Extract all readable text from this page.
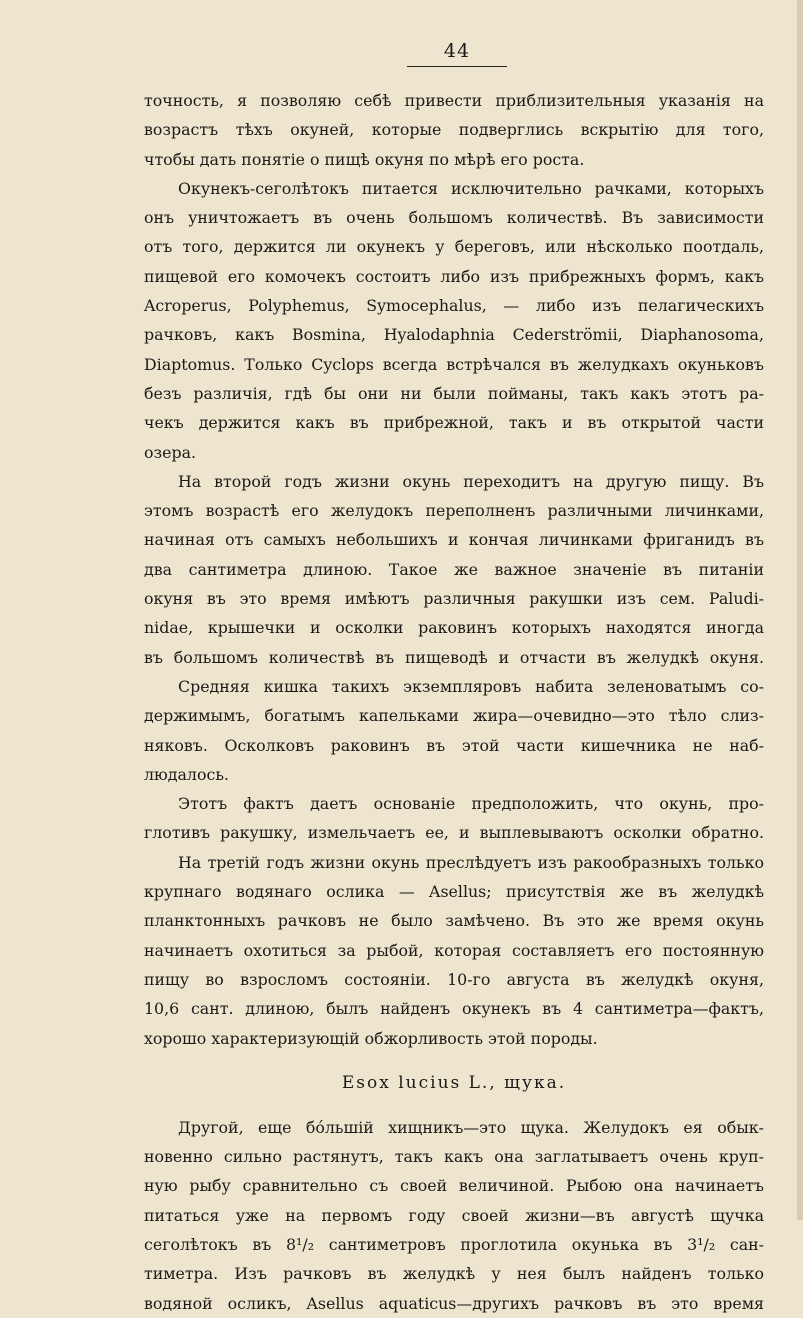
44
точность, я позволяю себѣ привести приблизительныя указанія на
возрастъ тѣхъ окуней, которые подверглись вскрытію для того,
чтобы дать понятіе о пищѣ окуня по мѣрѣ его роста.
Окунекъ-сеголѣтокъ питается исключительно рачками, которыхъ
онъ уничтожаетъ въ очень большомъ количествѣ. Въ зависимости
отъ того, держится ли окунекъ у береговъ, или нѣсколько поотдаль,
пищевой его комочекъ состоитъ либо изъ прибрежныхъ формъ, какъ
Acroperus, Polyphemus, Symocephalus, — либо изъ пелагическихъ
рачковъ, какъ Bosmina, Hyalodaphnia Cederströmii, Diaphanosoma,
Diaptomus. Только Cyclops всегда встрѣчался въ желудкахъ окуньковъ
безъ различія, гдѣ бы они ни были пойманы, такъ какъ этотъ ра-
чекъ держится какъ въ прибрежной, такъ и въ открытой части
озера.
На второй годъ жизни окунь переходитъ на другую пищу. Въ
этомъ возрастѣ его желудокъ переполненъ различными личинками,
начиная отъ самыхъ небольшихъ и кончая личинками фриганидъ въ
два сантиметра длиною. Такое же важное значеніе въ питаніи
окуня въ это время имѣютъ различныя ракушки изъ сем. Paludi-
nidae, крышечки и осколки раковинъ которыхъ находятся иногда
въ большомъ количествѣ въ пищеводѣ и отчасти въ желудкѣ окуня.
Средняя кишка такихъ экземпляровъ набита зеленоватымъ со-
держимымъ, богатымъ капельками жира—очевидно—это тѣло слиз-
няковъ. Осколковъ раковинъ въ этой части кишечника не наб-
людалось.
Этотъ фактъ даетъ основаніе предположить, что окунь, про-
глотивъ ракушку, измельчаетъ ее, и выплевываютъ осколки обратно.
На третій годъ жизни окунь преслѣдуетъ изъ ракообразныхъ только
крупнаго водянаго ослика — Asellus; присутствія же въ желудкѣ
планктонныхъ рачковъ не было замѣчено. Въ это же время окунь
начинаетъ охотиться за рыбой, которая составляетъ его постоянную
пищу во взросломъ состояніи. 10-го августа въ желудкѣ окуня,
10,6 сант. длиною, былъ найденъ окунекъ въ 4 сантиметра—фактъ,
хорошо характеризующій обжорливость этой породы.
Esox lucius L., щука.
Другой, еще бóльшій хищникъ—это щука. Желудокъ ея обык-
новенно сильно растянутъ, такъ какъ она заглатываетъ очень круп-
ную рыбу сравнительно съ своей величиной. Рыбою она начинаетъ
питаться уже на первомъ году своей жизни—въ августѣ щучка
сеголѣтокъ въ 8¹/₂ сантиметровъ проглотила окунька въ 3¹/₂ сан-
тиметра. Изъ рачковъ въ желудкѣ у нея былъ найденъ только
водяной осликъ, Asellus aquaticus—другихъ рачковъ въ это время
